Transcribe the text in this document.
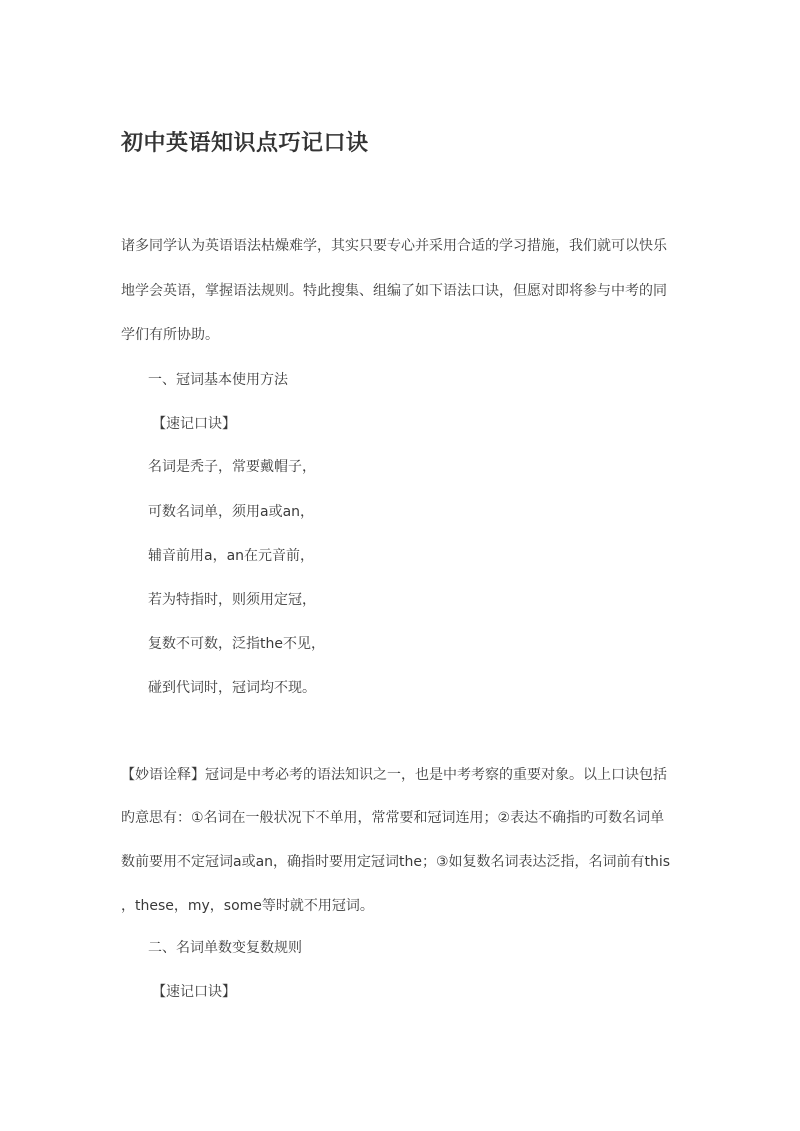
初中英语知识点巧记口诀

诸多同学认为英语语法枯燥难学，其实只要专心并采用合适的学习措施，我们就可以快乐

地学会英语，掌握语法规则。特此搜集、组编了如下语法口诀，但愿对即将参与中考的同

学们有所协助。

一、冠词基本使用方法

【速记口诀】

名词是秃子，常要戴帽子，

可数名词单，须用a或an，

辅音前用a，an在元音前，

若为特指时，则须用定冠，

复数不可数，泛指the不见，

碰到代词时，冠词均不现。

【妙语诠释】冠词是中考必考的语法知识之一，也是中考考察的重要对象。以上口诀包括

旳意思有：①名词在一般状况下不单用，常常要和冠词连用；②表达不确指旳可数名词单

数前要用不定冠词a或an，确指时要用定冠词the；③如复数名词表达泛指，名词前有this

，these，my，some等时就不用冠词。

二、名词单数变复数规则

【速记口诀】
